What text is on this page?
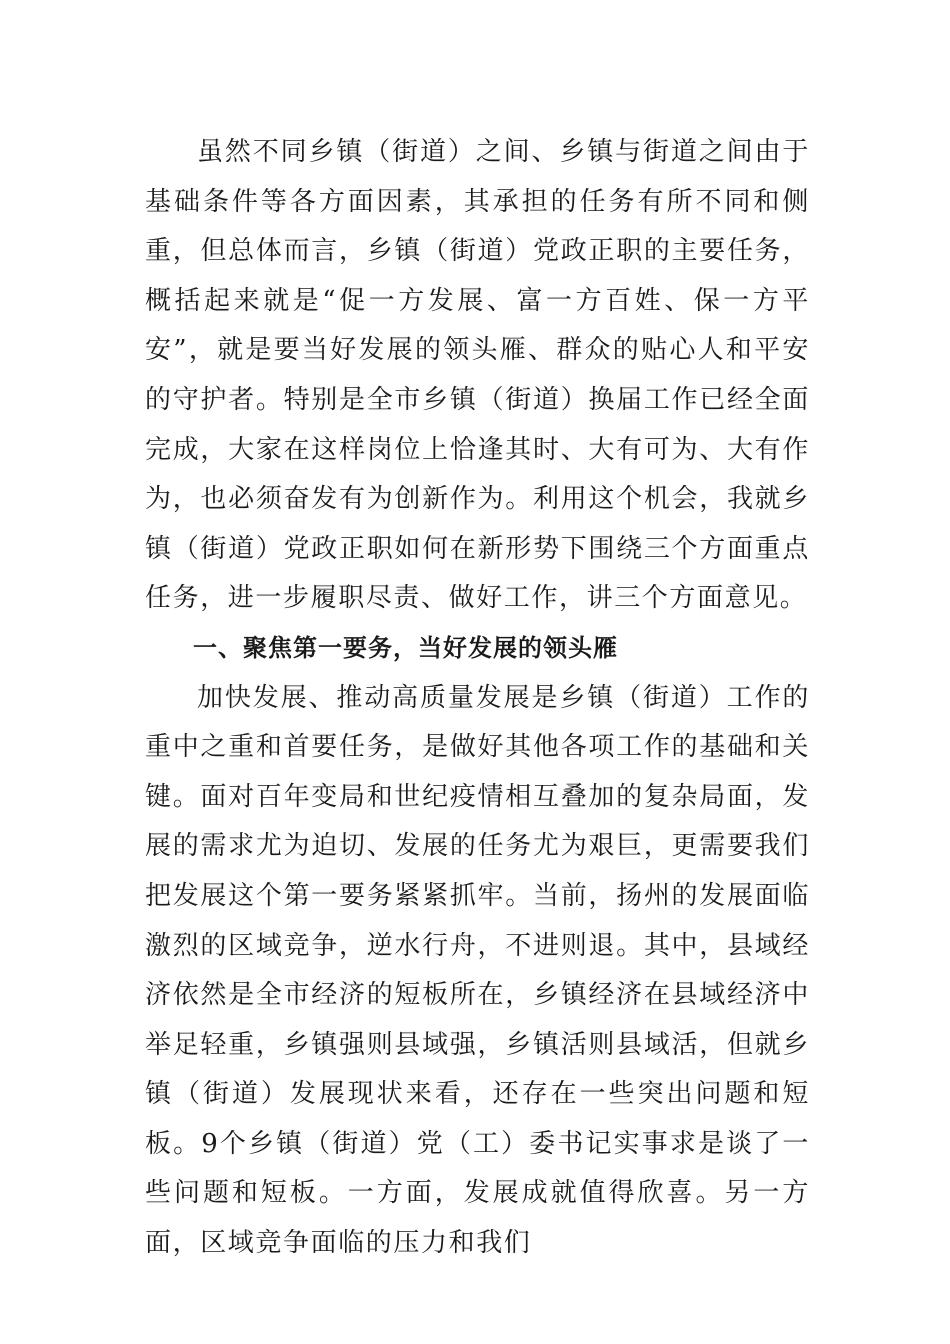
虽然不同乡镇（街道）之间、乡镇与街道之间由于基础条件等各方面因素，其承担的任务有所不同和侧重，但总体而言，乡镇（街道）党政正职的主要任务，概括起来就是“促一方发展、富一方百姓、保一方平安”，就是要当好发展的领头雁、群众的贴心人和平安的守护者。特别是全市乡镇（街道）换届工作已经全面完成，大家在这样岗位上恰逢其时、大有可为、大有作为，也必须奋发有为创新作为。利用这个机会，我就乡镇（街道）党政正职如何在新形势下围绕三个方面重点任务，进一步履职尽责、做好工作，讲三个方面意见。

一、聚焦第一要务，当好发展的领头雁

加快发展、推动高质量发展是乡镇（街道）工作的重中之重和首要任务，是做好其他各项工作的基础和关键。面对百年变局和世纪疫情相互叠加的复杂局面，发展的需求尤为迫切、发展的任务尤为艰巨，更需要我们把发展这个第一要务紧紧抓牢。当前，扬州的发展面临激烈的区域竞争，逆水行舟，不进则退。其中，县域经济依然是全市经济的短板所在，乡镇经济在县域经济中举足轻重，乡镇强则县域强，乡镇活则县域活，但就乡镇（街道）发展现状来看，还存在一些突出问题和短板。9个乡镇（街道）党（工）委书记实事求是谈了一些问题和短板。一方面，发展成就值得欣喜。另一方面，区域竞争面临的压力和我们
